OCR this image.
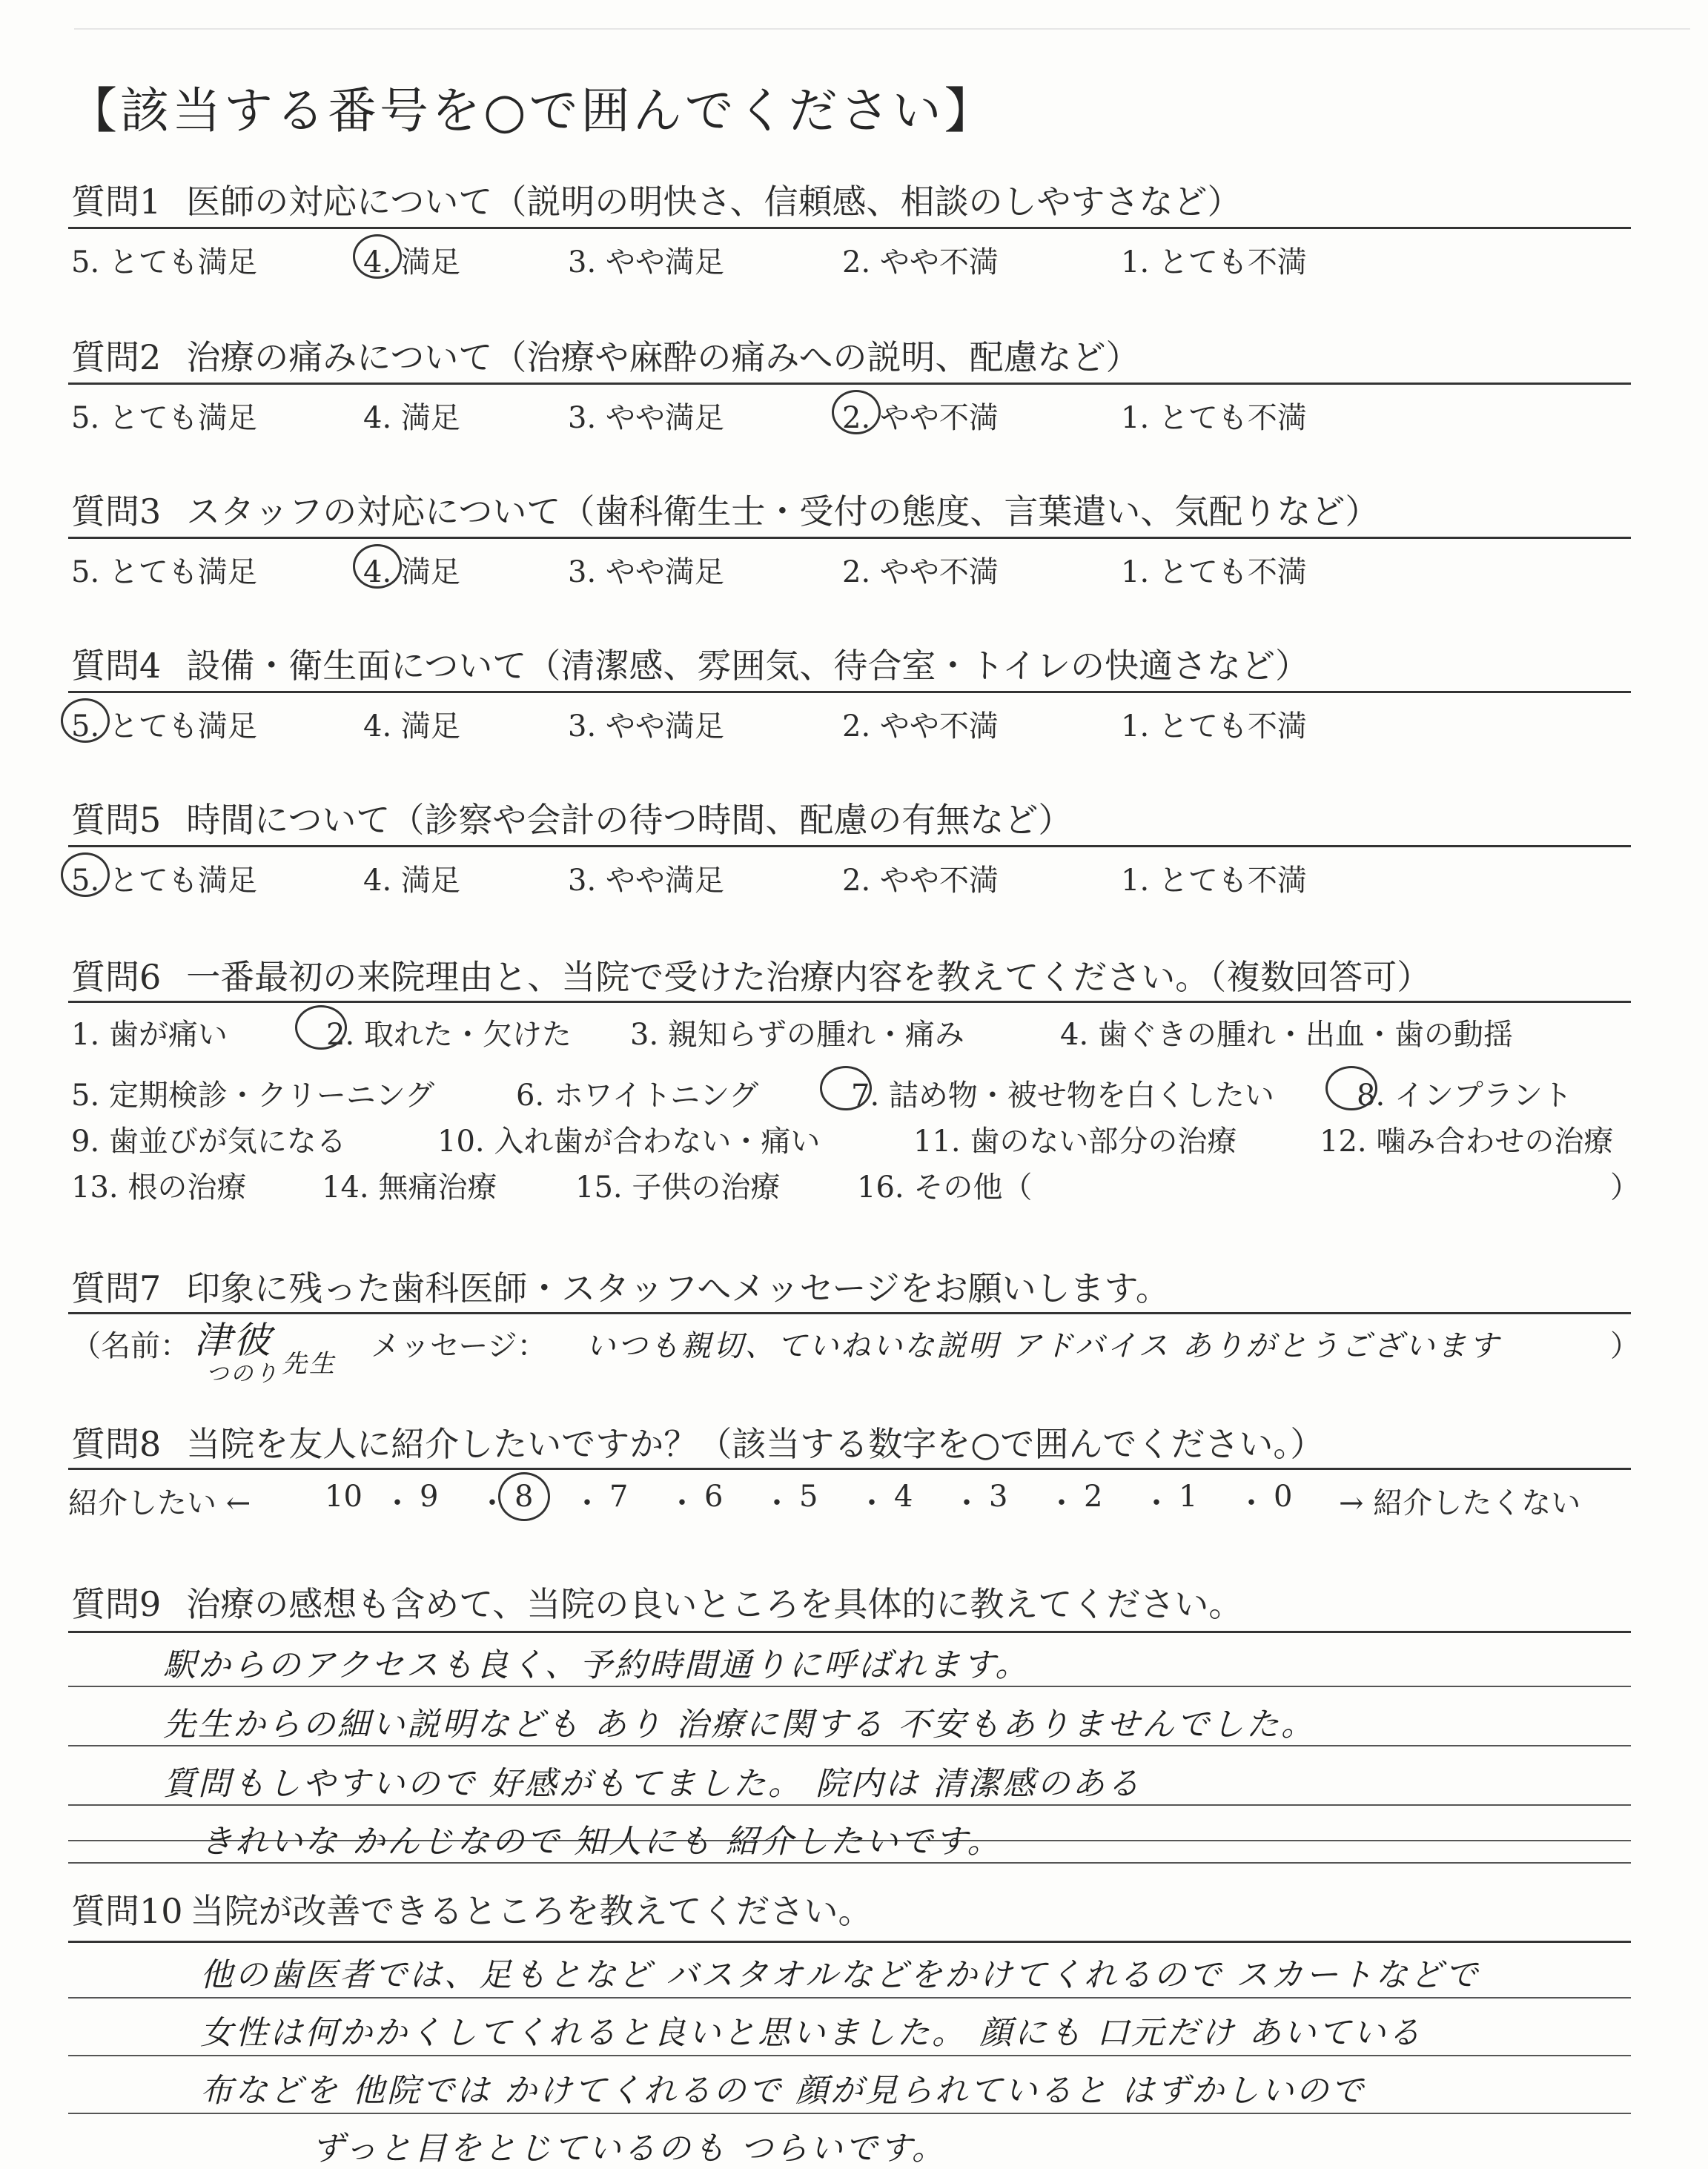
【該当する番号を○で囲んでください】
質問1 医師の対応について（説明の明快さ、信頼感、相談のしやすさなど）
5. とても満足	4. 満足	3. やや満足	2. やや不満	1. とても不満
質問2 治療の痛みについて（治療や麻酔の痛みへの説明、配慮など）
5. とても満足	4. 満足	3. やや満足	2. やや不満	1. とても不満
質問3 スタッフの対応について（歯科衛生士・受付の態度、言葉遣い、気配りなど）
5. とても満足	4. 満足	3. やや満足	2. やや不満	1. とても不満
質問4 設備・衛生面について（清潔感、雰囲気、待合室・トイレの快適さなど）
5. とても満足	4. 満足	3. やや満足	2. やや不満	1. とても不満
質問5 時間について（診察や会計の待つ時間、配慮の有無など）
5. とても満足	4. 満足	3. やや満足	2. やや不満	1. とても不満
質問6 一番最初の来院理由と、当院で受けた治療内容を教えてください。（複数回答可）
1. 歯が痛い	2. 取れた・欠けた 3. 親知らずの腫れ・痛み	4. 歯ぐきの腫れ・出血・歯の動揺
5. 定期検診・クリーニング	6. ホワイトニング	7. 詰め物・被せ物を白くしたい	8. インプラント
9. 歯並びが気になる	10. 入れ歯が合わない・痛い	11. 歯のない部分の治療	12. 噛み合わせの治療
13. 根の治療	14. 無痛治療	15. 子供の治療	16. その他（	）
質問7 印象に残った歯科医師・スタッフへメッセージをお願いします。
（名前： 津彼
つのり 先生
メッセージ： いつも親切、ていねいな説明 アドバイス ありがとうございます	）
質問8 当院を友人に紹介したいですか？（該当する数字を○で囲んでください。）
紹介したい ← 10 ・ 9 ・ 8 ・ 7 ・ 6 ・ 5 ・ 4 ・ 3 ・ 2 ・ 1 ・ 0 → 紹介したくない
質問9 治療の感想も含めて、当院の良いところを具体的に教えてください。
駅からのアクセスも良く、予約時間通りに呼ばれます。
先生からの細い説明なども あり 治療に関する 不安もありませんでした。
質問もしやすいので 好感がもてました。 院内は 清潔感のある
きれいな かんじなので 知人にも 紹介したいです。
質問10 当院が改善できるところを教えてください。
他の歯医者では、足もとなど バスタオルなどをかけてくれるので スカートなどで
女性は何かかくしてくれると良いと思いました。 顔にも 口元だけ あいている
布などを 他院では かけてくれるので 顔が見られていると はずかしいので
ずっと目をとじているのも つらいです。
